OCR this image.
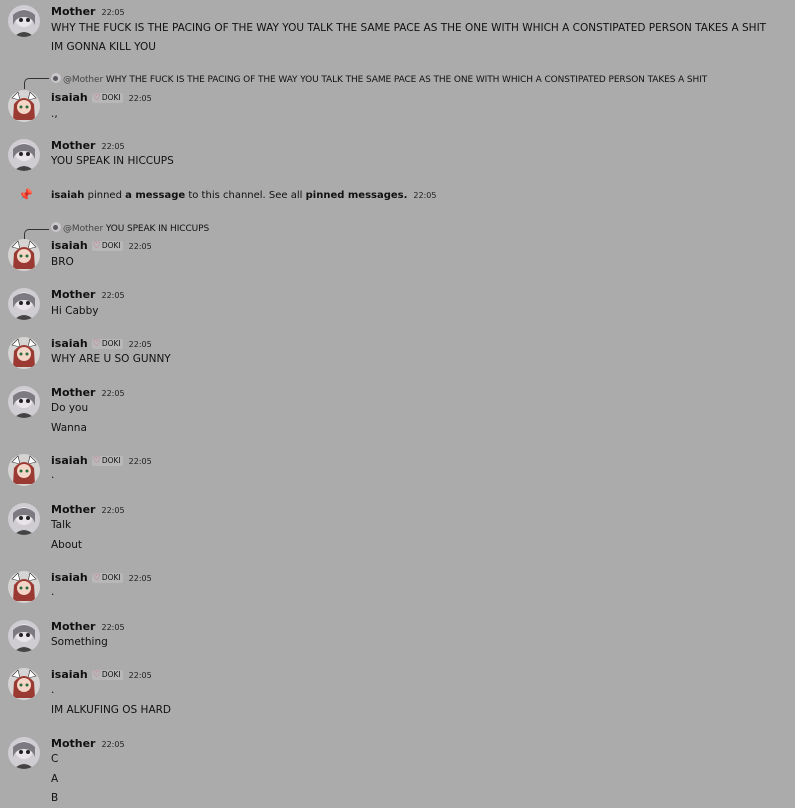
Mother 22:05
WHY THE FUCK IS THE PACING OF THE WAY YOU TALK THE SAME PACE AS THE ONE WITH WHICH A CONSTIPATED PERSON TAKES A SHIT
IM GONNA KILL YOU
@Mother WHY THE FUCK IS THE PACING OF THE WAY YOU TALK THE SAME PACE AS THE ONE WITH WHICH A CONSTIPATED PERSON TAKES A SHIT
isaiah ♡DOKI 22:05
.,
Mother 22:05
YOU SPEAK IN HICCUPS
📌 isaiah pinned a message to this channel. See all pinned messages. 22:05
@Mother YOU SPEAK IN HICCUPS
isaiah ♡DOKI 22:05
BRO
Mother 22:05
Hi Cabby
isaiah ♡DOKI 22:05
WHY ARE U SO GUNNY
Mother 22:05
Do you
Wanna
isaiah ♡DOKI 22:05
.
Mother 22:05
Talk
About
isaiah ♡DOKI 22:05
.
Mother 22:05
Something
isaiah ♡DOKI 22:05
.
IM ALKUFING OS HARD
Mother 22:05
C
A
B
